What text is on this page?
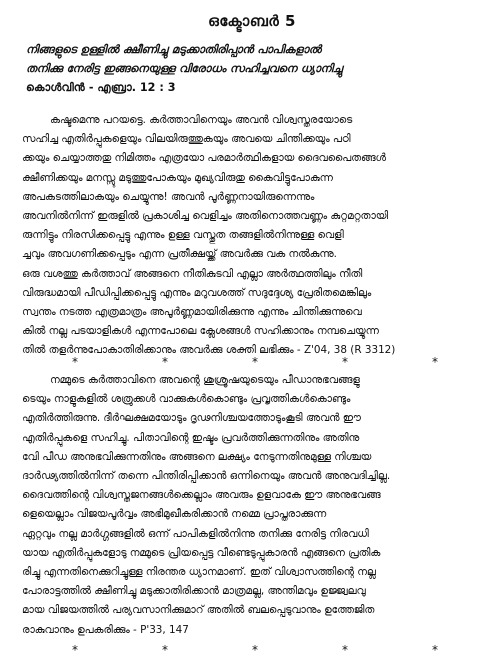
ഒക്ടോബർ 5
നിങ്ങളുടെ ഉള്ളിൽ ക്ഷീണിച്ചു മടുക്കാതിരിപ്പാൻ പാപികളാൽ
തനിക്കു നേരിട്ട ഇങ്ങനെയുള്ള വിരോധം സഹിച്ചവനെ ധ്യാനിച്ചു
കൊൾവിൻ - എബ്രാ. 12 : 3
കഷ്ടമെന്നു പറയട്ടെ. കർത്താവിനെയും അവൻ വിശ്വസ്തരയോടെ
സഹിച്ച എതിർപ്പുകളെയും വിലയിരുത്തുകയും അവയെ ചിന്തിക്കയും പഠി
ക്കയും ചെയ്യാത്തതു നിമിത്തം എത്രയോ പരമാർത്ഥികളായ ദൈവപൈതങ്ങൾ
ക്ഷീണിക്കയും മനസ്സു മടുത്തുപോകയും മുഖ്യവിരുതു കൈവിട്ടുപോകുന്ന
അപകടത്തിലാകയും ചെയ്യുന്നു! അവൻ പൂർണ്ണനായിരുന്നെന്നും
അവനിൽനിന്ന് ഇരുളിൽ പ്രകാശിച്ച വെളിച്ചം അതിനൊത്തവണ്ണം കുറ്റമറ്റതായി
രുന്നിട്ടും നിരസിക്കപ്പെട്ടു എന്നും ഉള്ള വസ്തുത തങ്ങളിൽനിന്നുള്ള വെളി
ച്ചവും അവഗണിക്കപ്പെടും എന്ന പ്രതീക്ഷയ്ക്ക് അവർക്കു വക നൽകുന്നു.
ഒരു വശത്തു കർത്താവ് അങ്ങനെ നീതികുടവി എല്ലാ അർത്ഥത്തിലും നീതി
വിരുദ്ധമായി പീഡിപ്പിക്കപ്പെട്ടു എന്നും മറുവശത്ത് സദുദ്ദേശ്യ പ്രേരിതമെങ്കിലും
സ്വന്തം നടത്ത എത്രമാത്രം അപൂർണ്ണമായിരിക്കുന്നു എന്നും ചിന്തിക്കുന്നുവെ
കിൽ നല്ല പടയാളികൾ എന്നപോലെ ക്ലേശങ്ങൾ സഹിക്കാനും നമ്പചെയ്യുന്ന
തിൽ തളർന്നുപോകാതിരിക്കാനും അവർക്കു ശക്തി ലഭിക്കും - Z'04, 38 (R 3312)
*	*	*	*	*
നമ്മുടെ കർത്താവിനെ അവന്റെ ശുശ്രൂഷയുടെയും പീഡാനുഭവങ്ങളു
ടെയും നാളുകളിൽ ശത്രുക്കൾ വാക്കുകൾകൊണ്ടും പ്രവൃത്തികൾകൊണ്ടും
എതിർത്തിരുന്നു. ദീർഘക്ഷമയോടും ദൃഢനിശ്ചയത്തോടുംകൂടി അവൻ ഈ
എതിർപ്പുകളെ സഹിച്ചു. പിതാവിന്റെ ഇഷ്ടം പ്രവർത്തിക്കുന്നതിനും അതിനു
വേി പീഡ അനുഭവിക്കുന്നതിനും അങ്ങനെ ലക്ഷ്യം നേടുന്നതിനുമുള്ള നിശ്ചയ
ദാർഢ്യത്തിൽനിന്ന് തന്നെ പിന്തിരിപ്പിക്കാൻ ഒന്നിനെയും അവൻ അനുവദിച്ചില്ല.
ദൈവത്തിന്റെ വിശ്വസ്തജനങ്ങൾക്കെല്ലാം അവരും ഉളവാകേ ഈ അനുഭവങ്ങ
ളെയെല്ലാം വിജയപൂർവ്വം അഭിമുഖീകരിക്കാൻ നമ്മെ പ്രാപ്തരാക്കുന്ന
ഏറ്റവും നല്ല മാർഗ്ഗങ്ങളിൽ ഒന്ന് പാപികളിൽനിന്നു തനിക്കു നേരിട്ട നിരവധി
യായ എതിർപ്പുകളോടു നമ്മുടെ പ്രിയപ്പെട്ട വീണ്ടെടുപ്പുകാരൻ എങ്ങനെ പ്രതിക
രിച്ചു എന്നതിനെക്കുറിച്ചുള്ള നിരന്തര ധ്യാനമാണ്. ഇത് വിശ്വാസത്തിന്റെ നല്ല
പോരാട്ടത്തിൽ ക്ഷീണിച്ചു മടുക്കാതിരിക്കാൻ മാത്രമല്ല, അന്തിമവും ഉജ്ജ്വലവു
മായ വിജയത്തിൽ പര്യവസാനിക്കുമാറ് അതിൽ ബലപ്പെടുവാനും ഉത്തേജിത
രാകുവാനും ഉപകരിക്കും - P'33, 147
*	*	*	*	*
